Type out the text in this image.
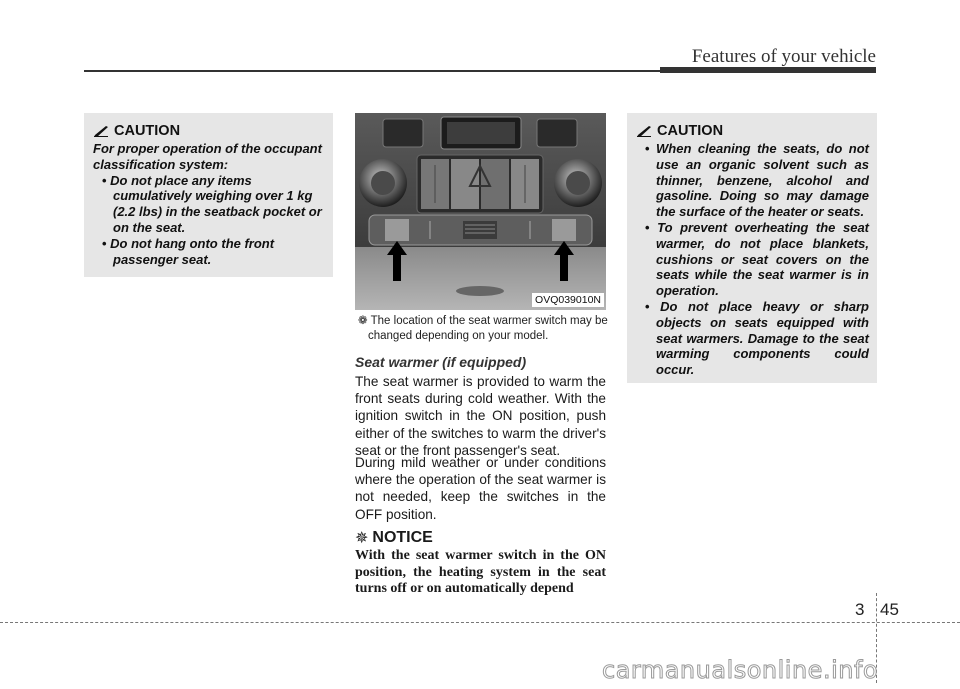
Features of your vehicle
CAUTION
For proper operation of the occupant classification system:
• Do not place any items cumulatively weighing over 1 kg (2.2 lbs) in the seatback pocket or on the seat.
• Do not hang onto the front passenger seat.
OVQ039010N
❁ The location of the seat warmer switch may be changed depending on your model.
Seat warmer (if equipped)
The seat warmer is provided to warm the front seats during cold weather. With the ignition switch in the ON position, push either of the switches to warm the driver's seat or the front passenger's seat.
During mild weather or under conditions where the operation of the seat warmer is not needed, keep the switches in the OFF position.
✵ NOTICE
With the seat warmer switch in the ON position, the heating system in the seat turns off or on automatically depend
CAUTION
• When cleaning the seats, do not use an organic solvent such as thinner, benzene, alcohol and gasoline. Doing so may damage the surface of the heater or seats.
• To prevent overheating the seat warmer, do not place blankets, cushions or seat covers on the seats while the seat warmer is in operation.
• Do not place heavy or sharp objects on seats equipped with seat warmers. Damage to the seat warming components could occur.
3 45
carmanualsonline.info
